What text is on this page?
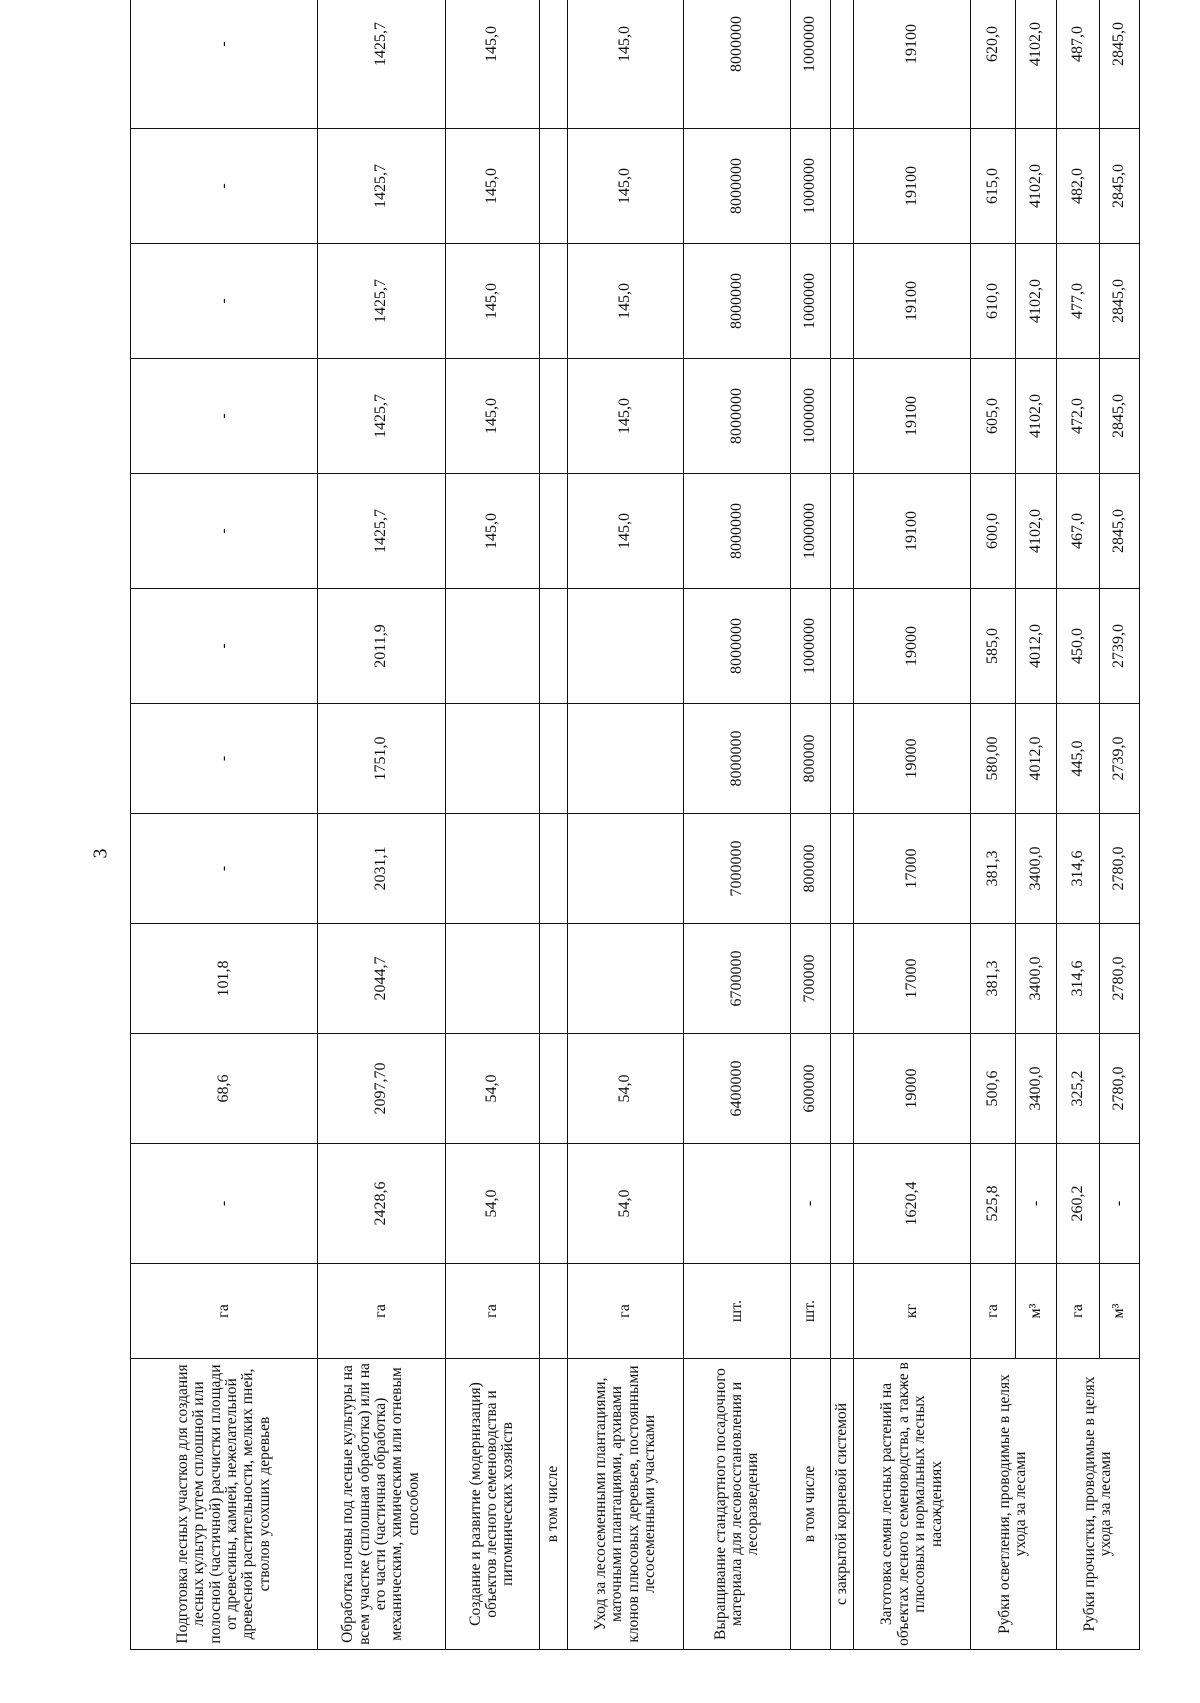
3
Подготовка лесных участков для создания лесных культур путем сплошной или полосной (частичной) расчистки площади от древесины, камней, нежелательной древесной растительности, мелких пней, стволов усохших деревьев	га	-	68,6	101,8	-	-	-	-	-	-	-	-
Обработка почвы под лесные культуры на всем участке (сплошная обработка) или на его части (частичная обработка) механическим, химическим или огневым способом	га	2428,6	2097,70	2044,7	2031,1	1751,0	2011,9	1425,7	1425,7	1425,7	1425,7	1425,7
Создание и развитие (модернизация) объектов лесного семеноводства и питомнических хозяйств	га	54,0	54,0					145,0	145,0	145,0	145,0	145,0
в том числе												
Уход за лесосеменными плантациями, маточными плантациями, архивами клонов плюсовых деревьев, постоянными лесосеменными участками	га	54,0	54,0					145,0	145,0	145,0	145,0	145,0
Выращивание стандартного посадочного материала для лесовосстановления и лесоразведения	шт.		6400000	6700000	7000000	8000000	8000000	8000000	8000000	8000000	8000000	8000000
в том числе	шт.	-	600000	700000	800000	800000	1000000	1000000	1000000	1000000	1000000	1000000
с закрытой корневой системой												
Заготовка семян лесных растений на объектах лесного семеноводства, а также в плюсовых и нормальных лесных насаждениях	кг	1620,4	19000	17000	17000	19000	19000	19100	19100	19100	19100	19100
Рубки осветления, проводимые в целях ухода за лесами	га	525,8	500,6	381,3	381,3	580,00	585,0	600,0	605,0	610,0	615,0	620,0
	м³	-	3400,0	3400,0	3400,0	4012,0	4012,0	4102,0	4102,0	4102,0	4102,0	4102,0
Рубки прочистки, проводимые в целях ухода за лесами	га	260,2	325,2	314,6	314,6	445,0	450,0	467,0	472,0	477,0	482,0	487,0
	м³	-	2780,0	2780,0	2780,0	2739,0	2739,0	2845,0	2845,0	2845,0	2845,0	2845,0
